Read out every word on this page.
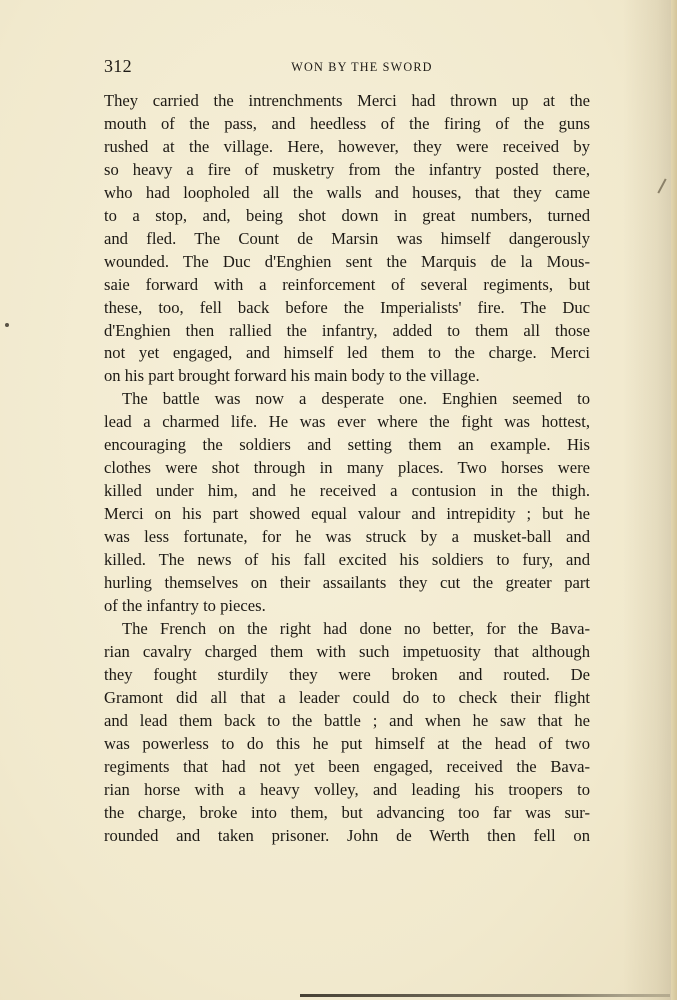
312	WON BY THE SWORD
They carried the intrenchments Merci had thrown up at the
mouth of the pass, and heedless of the firing of the guns
rushed at the village. Here, however, they were received by
so heavy a fire of musketry from the infantry posted there,
who had loopholed all the walls and houses, that they came
to a stop, and, being shot down in great numbers, turned
and fled. The Count de Marsin was himself dangerously
wounded. The Duc d'Enghien sent the Marquis de la Mous-
saie forward with a reinforcement of several regiments, but
these, too, fell back before the Imperialists' fire. The Duc
d'Enghien then rallied the infantry, added to them all those
not yet engaged, and himself led them to the charge. Merci
on his part brought forward his main body to the village.
The battle was now a desperate one. Enghien seemed to
lead a charmed life. He was ever where the fight was hottest,
encouraging the soldiers and setting them an example. His
clothes were shot through in many places. Two horses were
killed under him, and he received a contusion in the thigh.
Merci on his part showed equal valour and intrepidity ; but he
was less fortunate, for he was struck by a musket-ball and
killed. The news of his fall excited his soldiers to fury, and
hurling themselves on their assailants they cut the greater part
of the infantry to pieces.
The French on the right had done no better, for the Bava-
rian cavalry charged them with such impetuosity that although
they fought sturdily they were broken and routed. De
Gramont did all that a leader could do to check their flight
and lead them back to the battle ; and when he saw that he
was powerless to do this he put himself at the head of two
regiments that had not yet been engaged, received the Bava-
rian horse with a heavy volley, and leading his troopers to
the charge, broke into them, but advancing too far was sur-
rounded and taken prisoner. John de Werth then fell on
